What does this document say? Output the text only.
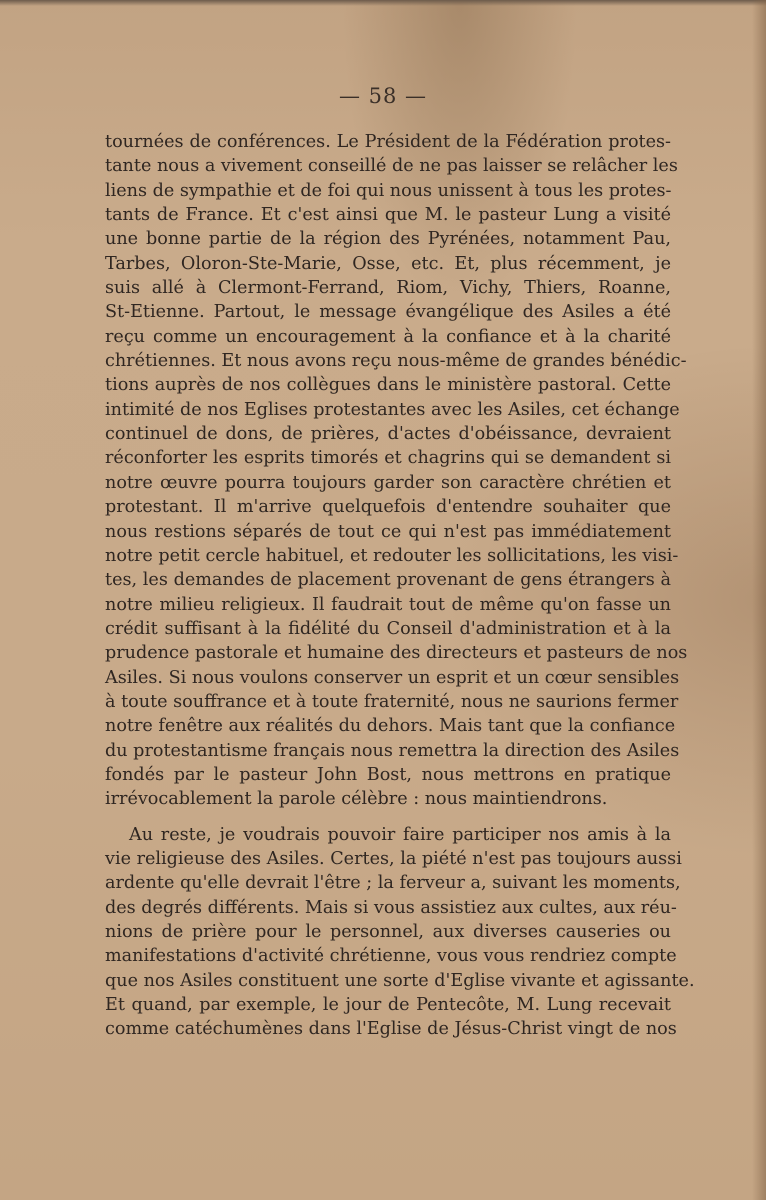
— 58 —
tournées de conférences. Le Président de la Fédération protes-
tante nous a vivement conseillé de ne pas laisser se relâcher les
liens de sympathie et de foi qui nous unissent à tous les protes-
tants de France. Et c'est ainsi que M. le pasteur Lung a visité
une bonne partie de la région des Pyrénées, notamment Pau,
Tarbes, Oloron-Ste-Marie, Osse, etc. Et, plus récemment, je
suis allé à Clermont-Ferrand, Riom, Vichy, Thiers, Roanne,
St-Etienne. Partout, le message évangélique des Asiles a été
reçu comme un encouragement à la confiance et à la charité
chrétiennes. Et nous avons reçu nous-même de grandes bénédic-
tions auprès de nos collègues dans le ministère pastoral. Cette
intimité de nos Eglises protestantes avec les Asiles, cet échange
continuel de dons, de prières, d'actes d'obéissance, devraient
réconforter les esprits timorés et chagrins qui se demandent si
notre œuvre pourra toujours garder son caractère chrétien et
protestant. Il m'arrive quelquefois d'entendre souhaiter que
nous restions séparés de tout ce qui n'est pas immédiatement
notre petit cercle habituel, et redouter les sollicitations, les visi-
tes, les demandes de placement provenant de gens étrangers à
notre milieu religieux. Il faudrait tout de même qu'on fasse un
crédit suffisant à la fidélité du Conseil d'administration et à la
prudence pastorale et humaine des directeurs et pasteurs de nos
Asiles. Si nous voulons conserver un esprit et un cœur sensibles
à toute souffrance et à toute fraternité, nous ne saurions fermer
notre fenêtre aux réalités du dehors. Mais tant que la confiance
du protestantisme français nous remettra la direction des Asiles
fondés par le pasteur John Bost, nous mettrons en pratique
irrévocablement la parole célèbre : nous maintiendrons.
Au reste, je voudrais pouvoir faire participer nos amis à la
vie religieuse des Asiles. Certes, la piété n'est pas toujours aussi
ardente qu'elle devrait l'être ; la ferveur a, suivant les moments,
des degrés différents. Mais si vous assistiez aux cultes, aux réu-
nions de prière pour le personnel, aux diverses causeries ou
manifestations d'activité chrétienne, vous vous rendriez compte
que nos Asiles constituent une sorte d'Eglise vivante et agissante.
Et quand, par exemple, le jour de Pentecôte, M. Lung recevait
comme catéchumènes dans l'Eglise de Jésus-Christ vingt de nos
